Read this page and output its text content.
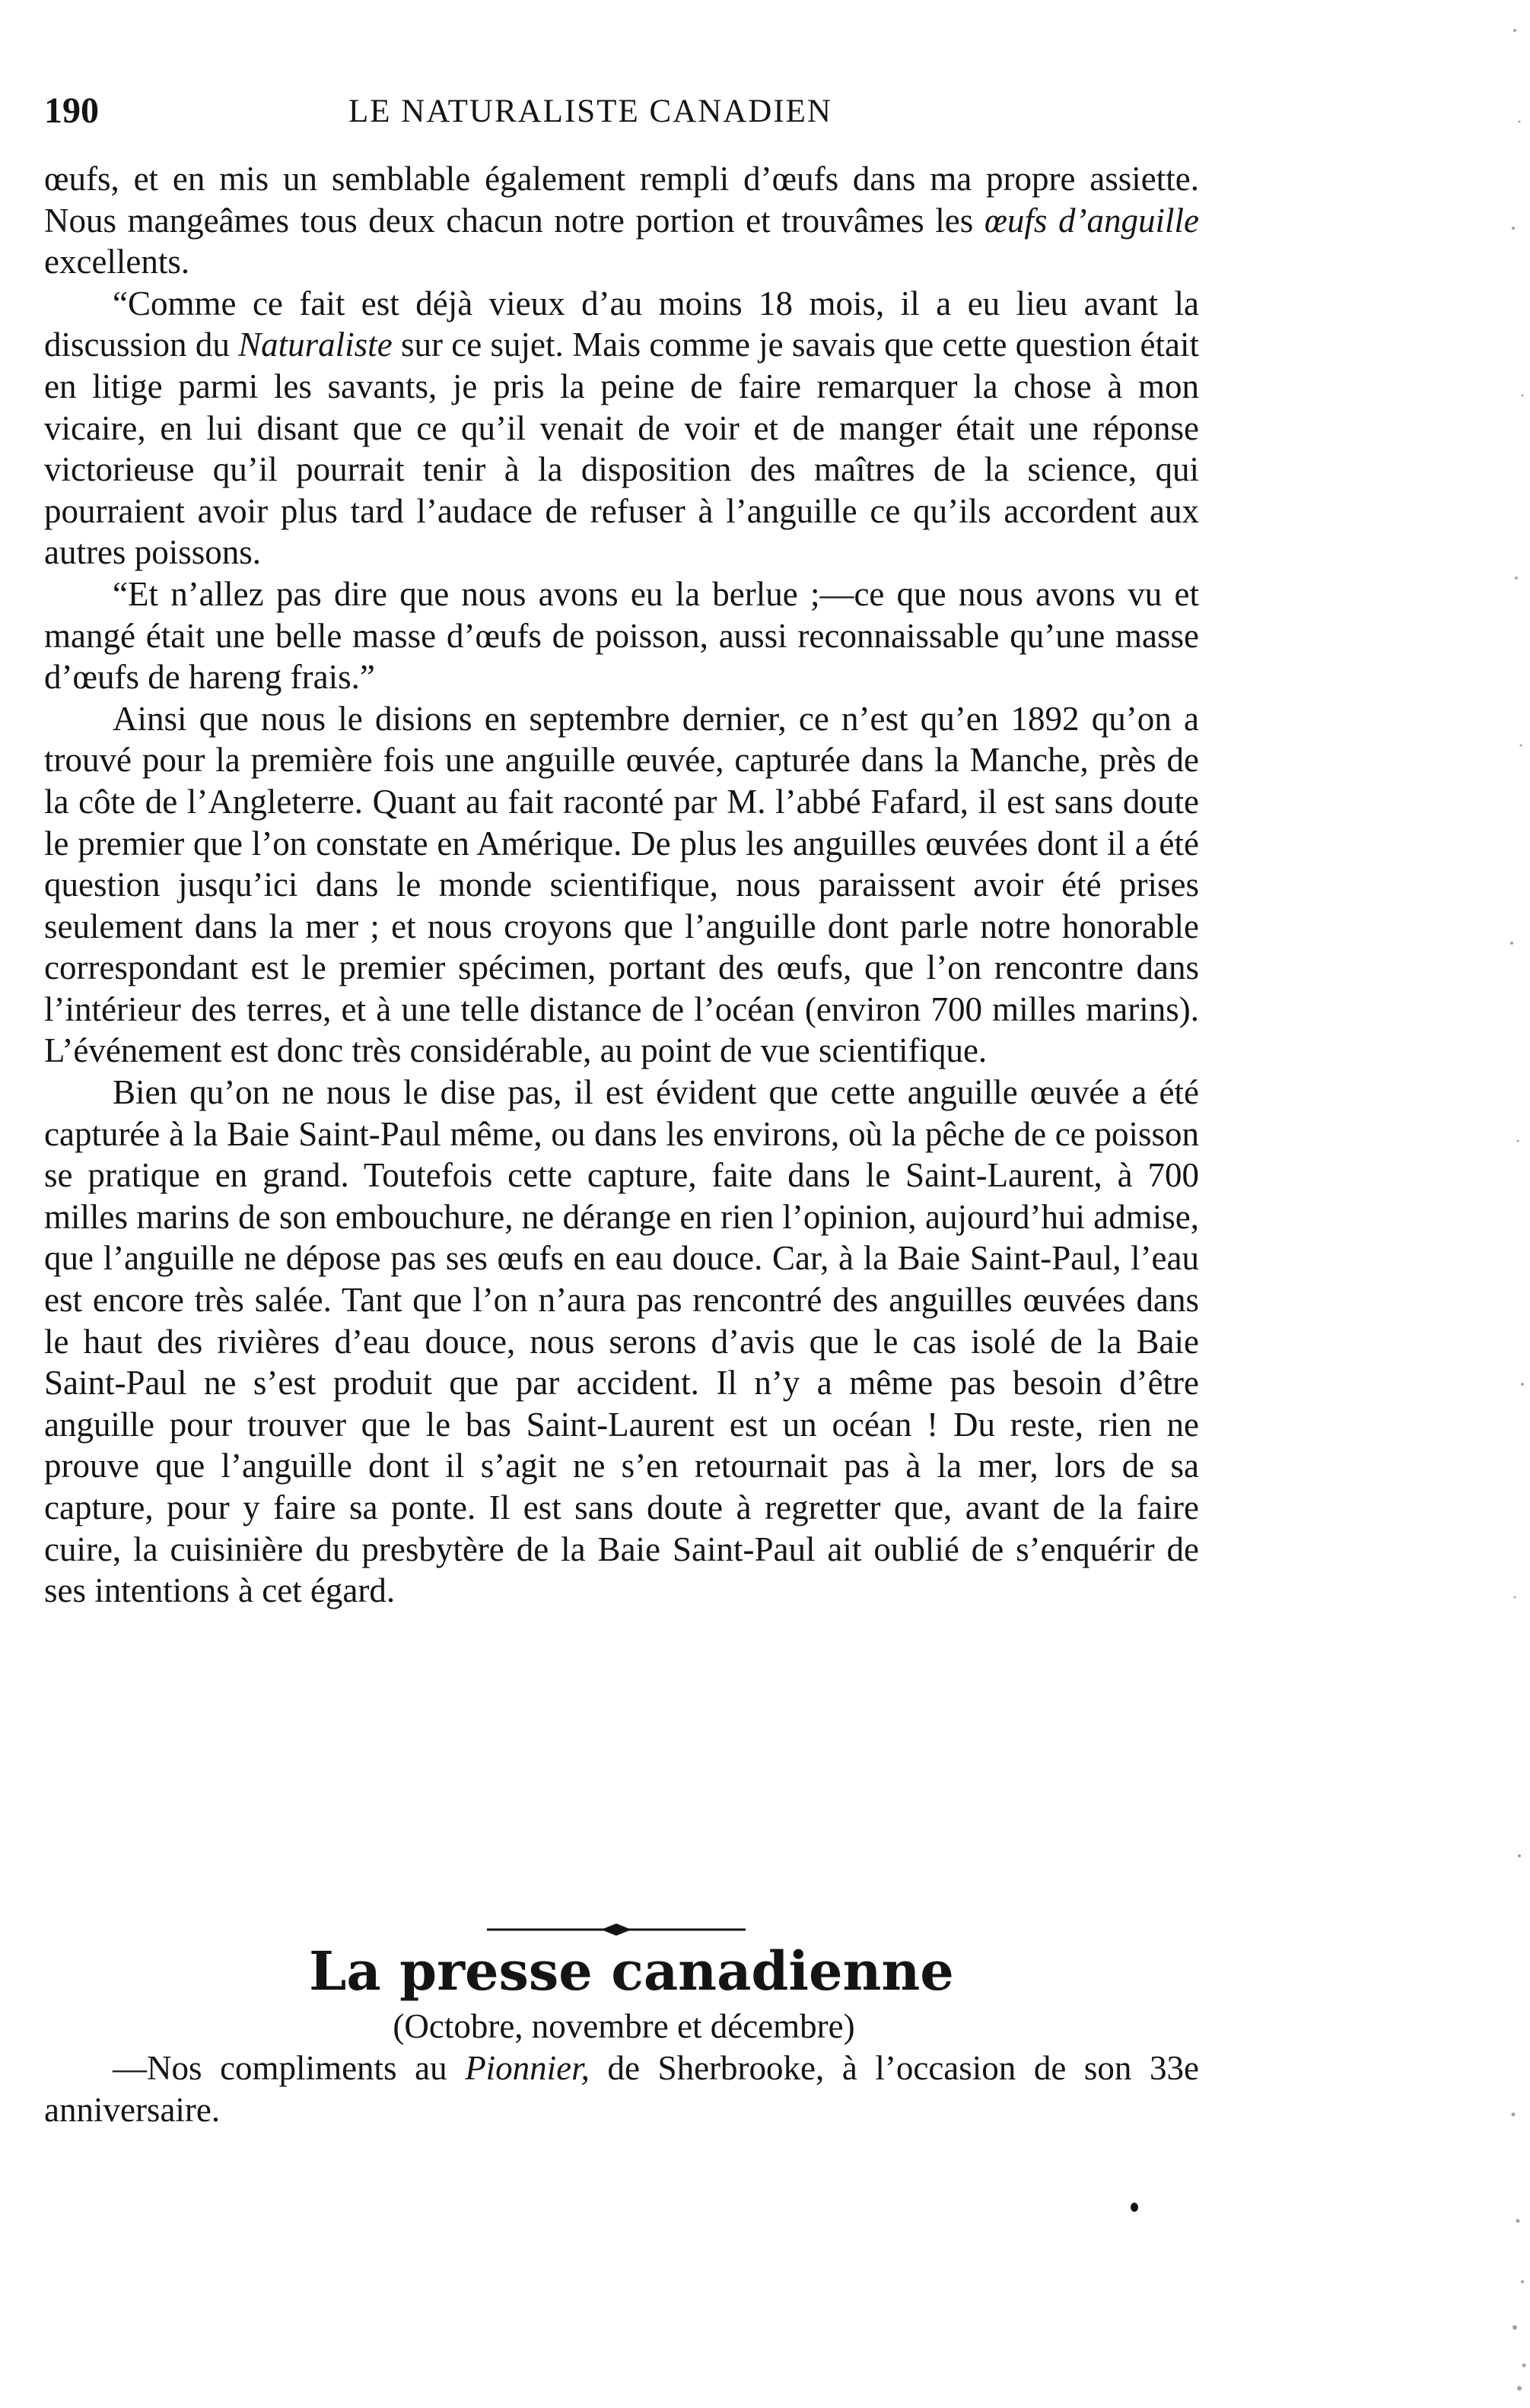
190	LE NATURALISTE CANADIEN

œufs, et en mis un semblable également rempli d’œufs dans ma propre assiette. Nous mangeâmes tous deux chacun notre portion et trouvâmes les œufs d’anguille excellents.

“Comme ce fait est déjà vieux d’au moins 18 mois, il a eu lieu avant la discussion du Naturaliste sur ce sujet. Mais comme je savais que cette question était en litige parmi les savants, je pris la peine de faire remarquer la chose à mon vicaire, en lui disant que ce qu’il venait de voir et de manger était une réponse victorieuse qu’il pourrait tenir à la disposition des maîtres de la science, qui pourraient avoir plus tard l’audace de refuser à l’anguille ce qu’ils accordent aux autres poissons.

“Et n’allez pas dire que nous avons eu la berlue ;—ce que nous avons vu et mangé était une belle masse d’œufs de poisson, aussi reconnaissable qu’une masse d’œufs de hareng frais.”

Ainsi que nous le disions en septembre dernier, ce n’est qu’en 1892 qu’on a trouvé pour la première fois une anguille œuvée, capturée dans la Manche, près de la côte de l’Angleterre. Quant au fait raconté par M. l’abbé Fafard, il est sans doute le premier que l’on constate en Amérique. De plus les anguilles œuvées dont il a été question jusqu’ici dans le monde scientifique, nous paraissent avoir été prises seulement dans la mer ; et nous croyons que l’anguille dont parle notre honorable correspondant est le premier spécimen, portant des œufs, que l’on rencontre dans l’intérieur des terres, et à une telle distance de l’océan (environ 700 milles marins). L’événement est donc très considérable, au point de vue scientifique.

Bien qu’on ne nous le dise pas, il est évident que cette anguille œuvée a été capturée à la Baie Saint-Paul même, ou dans les environs, où la pêche de ce poisson se pratique en grand. Toutefois cette capture, faite dans le Saint-Laurent, à 700 milles marins de son embouchure, ne dérange en rien l’opinion, aujourd’hui admise, que l’anguille ne dépose pas ses œufs en eau douce. Car, à la Baie Saint-Paul, l’eau est encore très salée. Tant que l’on n’aura pas rencontré des anguilles œuvées dans le haut des rivières d’eau douce, nous serons d’avis que le cas isolé de la Baie Saint-Paul ne s’est produit que par accident. Il n’y a même pas besoin d’être anguille pour trouver que le bas Saint-Laurent est un océan ! Du reste, rien ne prouve que l’anguille dont il s’agit ne s’en retournait pas à la mer, lors de sa capture, pour y faire sa ponte. Il est sans doute à regretter que, avant de la faire cuire, la cuisinière du presbytère de la Baie Saint-Paul ait oublié de s’enquérir de ses intentions à cet égard.

La presse canadienne
(Octobre, novembre et décembre)

—Nos compliments au Pionnier, de Sherbrooke, à l’occasion de son 33e anniversaire.
